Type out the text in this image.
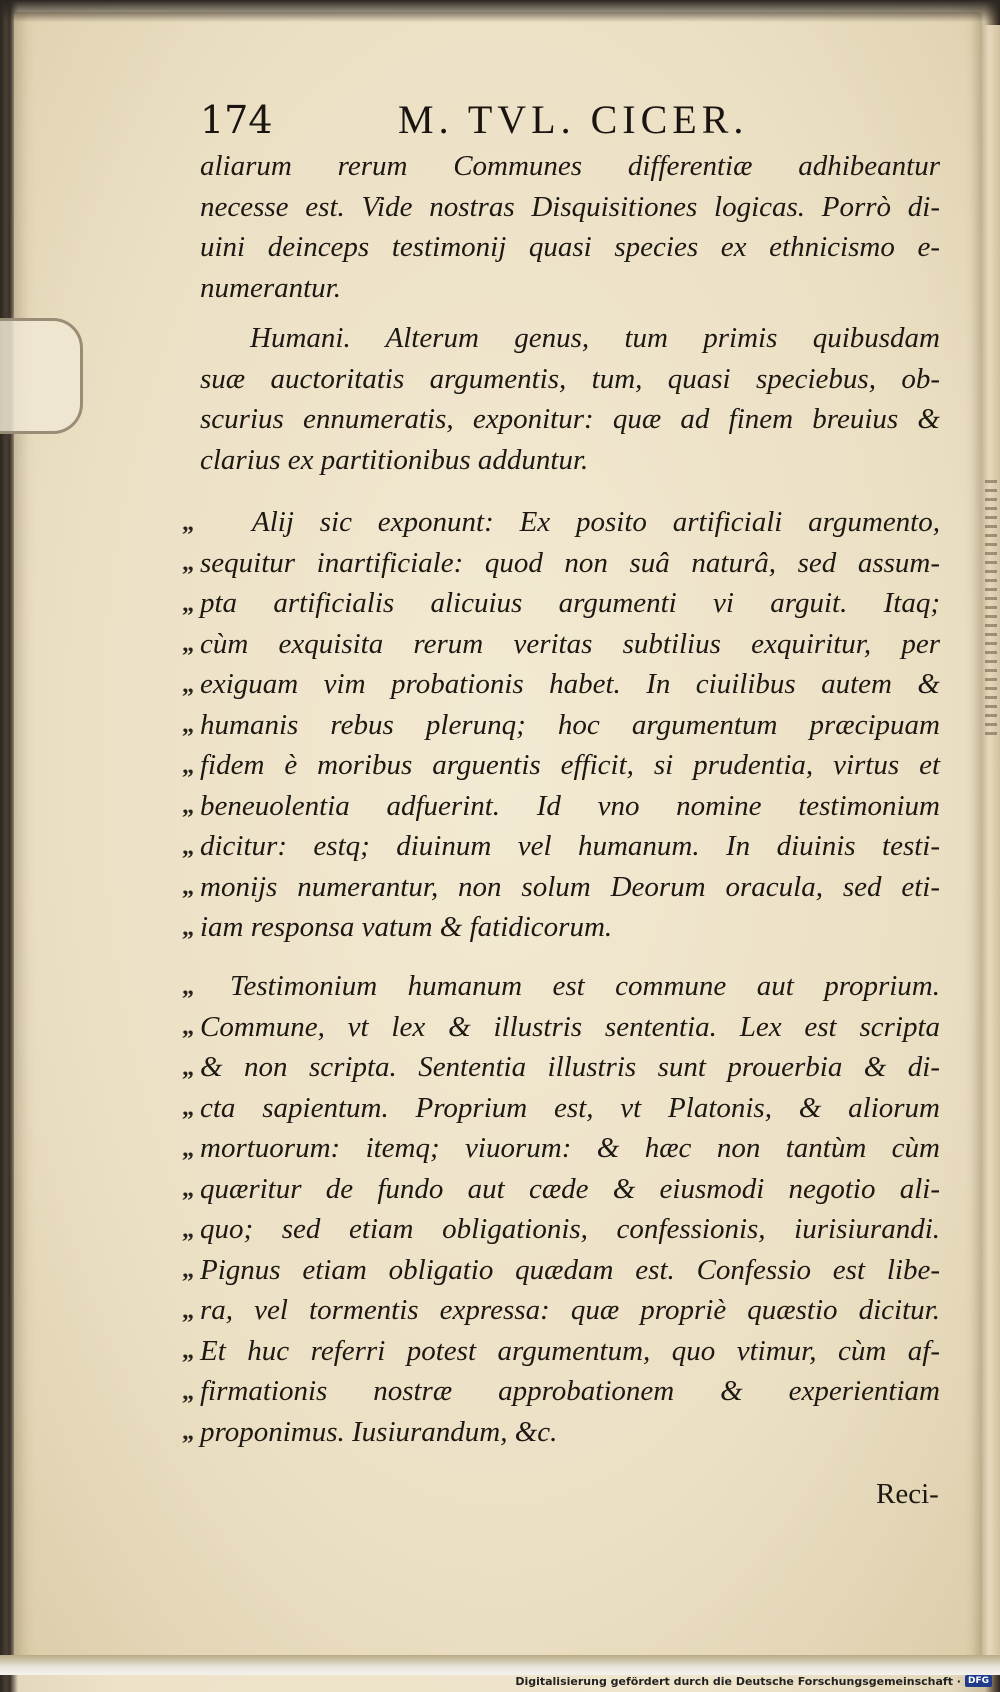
174	M. TVL. CICER.
aliarum rerum Communes differentiæ adhibeantur
necesse est. Vide nostras Disquisitiones logicas. Porrò di-
uini deinceps testimonij quasi species ex ethnicismo e-
numerantur.
Humani. Alterum genus, tum primis quibusdam
suæ auctoritatis argumentis, tum, quasi speciebus, ob-
scurius ennumeratis, exponitur: quæ ad finem breuius &
clarius ex partitionibus adduntur.
Alij sic exponunt: Ex posito artificiali argumento,
sequitur inartificiale: quod non suâ naturâ, sed assum-
pta artificialis alicuius argumenti vi arguit. Itaq;
cùm exquisita rerum veritas subtilius exquiritur, per
exiguam vim probationis habet. In ciuilibus autem &
humanis rebus plerunq; hoc argumentum præcipuam
fidem è moribus arguentis efficit, si prudentia, virtus et
beneuolentia adfuerint. Id vno nomine testimonium
dicitur: estq; diuinum vel humanum. In diuinis testi-
monijs numerantur, non solum Deorum oracula, sed eti-
iam responsa vatum & fatidicorum.
Testimonium humanum est commune aut proprium.
Commune, vt lex & illustris sententia. Lex est scripta
& non scripta. Sententia illustris sunt prouerbia & di-
cta sapientum. Proprium est, vt Platonis, & aliorum
mortuorum: itemq; viuorum: & hæc non tantùm cùm
quæritur de fundo aut cæde & eiusmodi negotio ali-
quo; sed etiam obligationis, confessionis, iurisiurandi.
Pignus etiam obligatio quædam est. Confessio est libe-
ra, vel tormentis expressa: quæ propriè quæstio dicitur.
Et huc referri potest argumentum, quo vtimur, cùm af-
firmationis nostræ approbationem & experientiam
proponimus. Iusiurandum, &c.
„
„
„
„
„
„
„
„
„
„
„
„
„
„
„
„
„
„
„
„
„
„
„
Reci-
Digitalisierung gefördert durch die Deutsche Forschungsgemeinschaft · DFG
